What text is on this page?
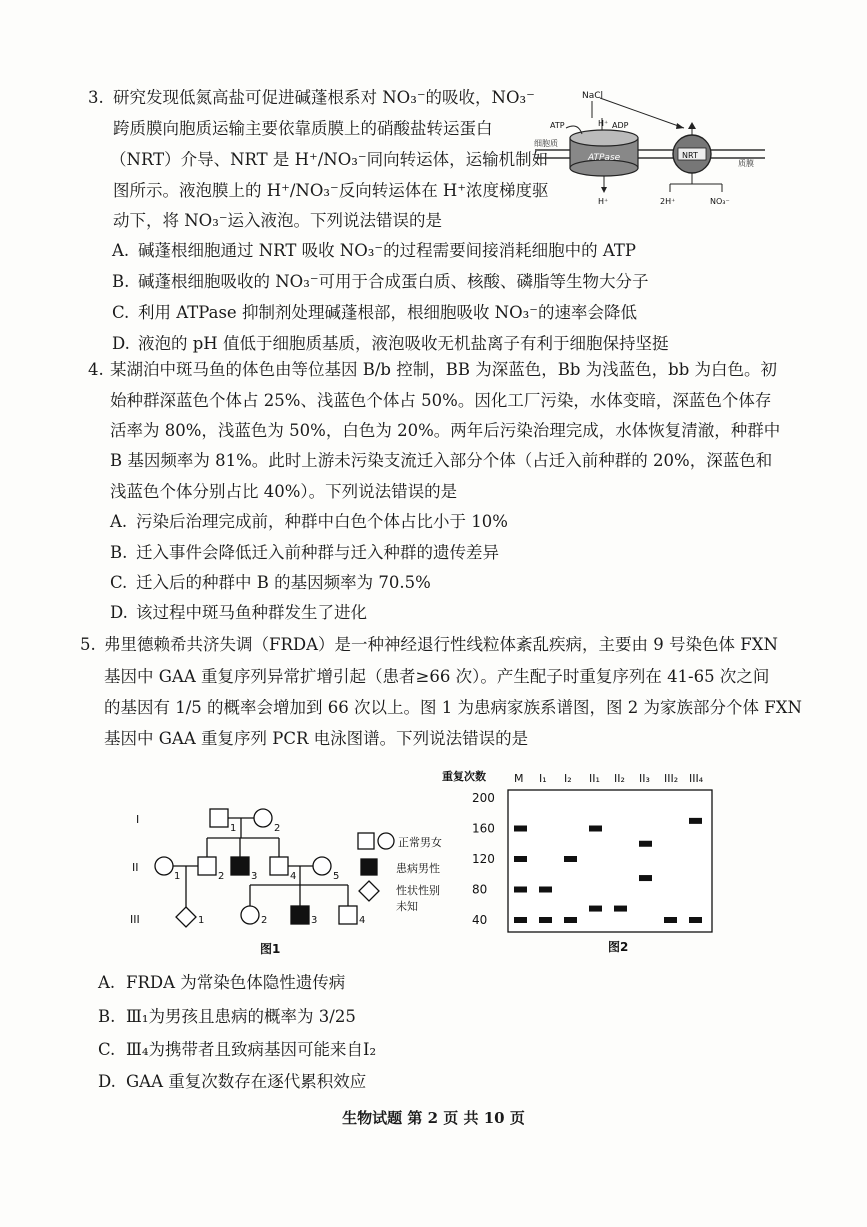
3. 研究发现低氮高盐可促进碱蓬根系对 NO₃⁻的吸收，NO₃⁻
跨质膜向胞质运输主要依靠质膜上的硝酸盐转运蛋白
（NRT）介导、NRT 是 H⁺/NO₃⁻同向转运体，运输机制如
图所示。液泡膜上的 H⁺/NO₃⁻反向转运体在 H⁺浓度梯度驱
动下，将 NO₃⁻运入液泡。下列说法错误的是
A. 碱蓬根细胞通过 NRT 吸收 NO₃⁻的过程需要间接消耗细胞中的 ATP
B. 碱蓬根细胞吸收的 NO₃⁻可用于合成蛋白质、核酸、磷脂等生物大分子
C. 利用 ATPase 抑制剂处理碱蓬根部，根细胞吸收 NO₃⁻的速率会降低
D. 液泡的 pH 值低于细胞质基质，液泡吸收无机盐离子有利于细胞保持坚挺
细胞质
质膜
ATPase	NRT
NaCl
ATP	H⁺ ADP
H⁺	2H⁺	NO₃⁻
4. 某湖泊中斑马鱼的体色由等位基因 B/b 控制，BB 为深蓝色，Bb 为浅蓝色，bb 为白色。初
始种群深蓝色个体占 25%、浅蓝色个体占 50%。因化工厂污染，水体变暗，深蓝色个体存
活率为 80%，浅蓝色为 50%，白色为 20%。两年后污染治理完成，水体恢复清澈，种群中
B 基因频率为 81%。此时上游未污染支流迁入部分个体（占迁入前种群的 20%，深蓝色和
浅蓝色个体分别占比 40%）。下列说法错误的是
A. 污染后治理完成前，种群中白色个体占比小于 10%
B. 迁入事件会降低迁入前种群与迁入种群的遗传差异
C. 迁入后的种群中 B 的基因频率为 70.5%
D. 该过程中斑马鱼种群发生了进化
5. 弗里德赖希共济失调（FRDA）是一种神经退行性线粒体紊乱疾病，主要由 9 号染色体 FXN
基因中 GAA 重复序列异常扩增引起（患者≥66 次）。产生配子时重复序列在 41-65 次之间
的基因有 1/5 的概率会增加到 66 次以上。图 1 为患病家族系谱图，图 2 为家族部分个体 FXN
基因中 GAA 重复序列 PCR 电泳图谱。下列说法错误的是
I
II
III
1	2
1	2	3	4	5
1	2	3	4
正常男女
患病男性
性状性别
未知
图1
重复次数	M I₁ I₂ II₁ II₂ II₃ III₂ III₄
200
160
120
80
40
图2
A. FRDA 为常染色体隐性遗传病
B. Ⅲ₁为男孩且患病的概率为 3/25
C. Ⅲ₄为携带者且致病基因可能来自Ⅰ₂
D. GAA 重复次数存在逐代累积效应
生物试题 第 2 页 共 10 页
